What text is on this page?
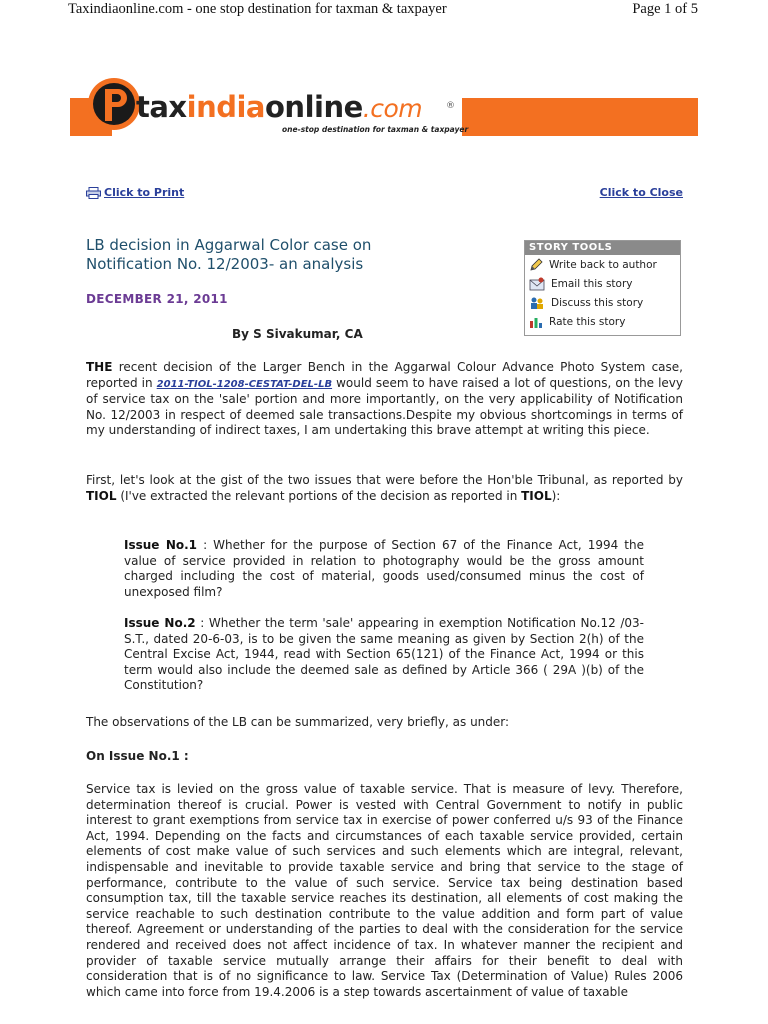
Taxindiaonline.com - one stop destination for taxman & taxpayer	Page 1 of 5
taxindiaonline.com	®
one-stop destination for taxman & taxpayer
Click to Print	Click to Close
LB decision in Aggarwal Color case on Notification No. 12/2003- an analysis
DECEMBER 21, 2011
By S Sivakumar, CA
STORY TOOLS
Write back to author
Email this story
Discuss this story
Rate this story
THE recent decision of the Larger Bench in the Aggarwal Colour Advance Photo System case, reported in 2011-TIOL-1208-CESTAT-DEL-LB would seem to have raised a lot of questions, on the levy of service tax on the 'sale' portion and more importantly, on the very applicability of Notification No. 12/2003 in respect of deemed sale transactions.Despite my obvious shortcomings in terms of my understanding of indirect taxes, I am undertaking this brave attempt at writing this piece.
First, let's look at the gist of the two issues that were before the Hon'ble Tribunal, as reported by TIOL (I've extracted the relevant portions of the decision as reported in TIOL):
Issue No.1 : Whether for the purpose of Section 67 of the Finance Act, 1994 the value of service provided in relation to photography would be the gross amount charged including the cost of material, goods used/consumed minus the cost of unexposed film?
Issue No.2 : Whether the term 'sale' appearing in exemption Notification No.12 /03-S.T., dated 20-6-03, is to be given the same meaning as given by Section 2(h) of the Central Excise Act, 1944, read with Section 65(121) of the Finance Act, 1994 or this term would also include the deemed sale as defined by Article 366 ( 29A )(b) of the Constitution?
The observations of the LB can be summarized, very briefly, as under:
On Issue No.1 :
Service tax is levied on the gross value of taxable service. That is measure of levy. Therefore, determination thereof is crucial. Power is vested with Central Government to notify in public interest to grant exemptions from service tax in exercise of power conferred u/s 93 of the Finance Act, 1994. Depending on the facts and circumstances of each taxable service provided, certain elements of cost make value of such services and such elements which are integral, relevant, indispensable and inevitable to provide taxable service and bring that service to the stage of performance, contribute to the value of such service. Service tax being destination based consumption tax, till the taxable service reaches its destination, all elements of cost making the service reachable to such destination contribute to the value addition and form part of value thereof. Agreement or understanding of the parties to deal with the consideration for the service rendered and received does not affect incidence of tax. In whatever manner the recipient and provider of taxable service mutually arrange their affairs for their benefit to deal with consideration that is of no significance to law. Service Tax (Determination of Value) Rules 2006 which came into force from 19.4.2006 is a step towards ascertainment of value of taxable
